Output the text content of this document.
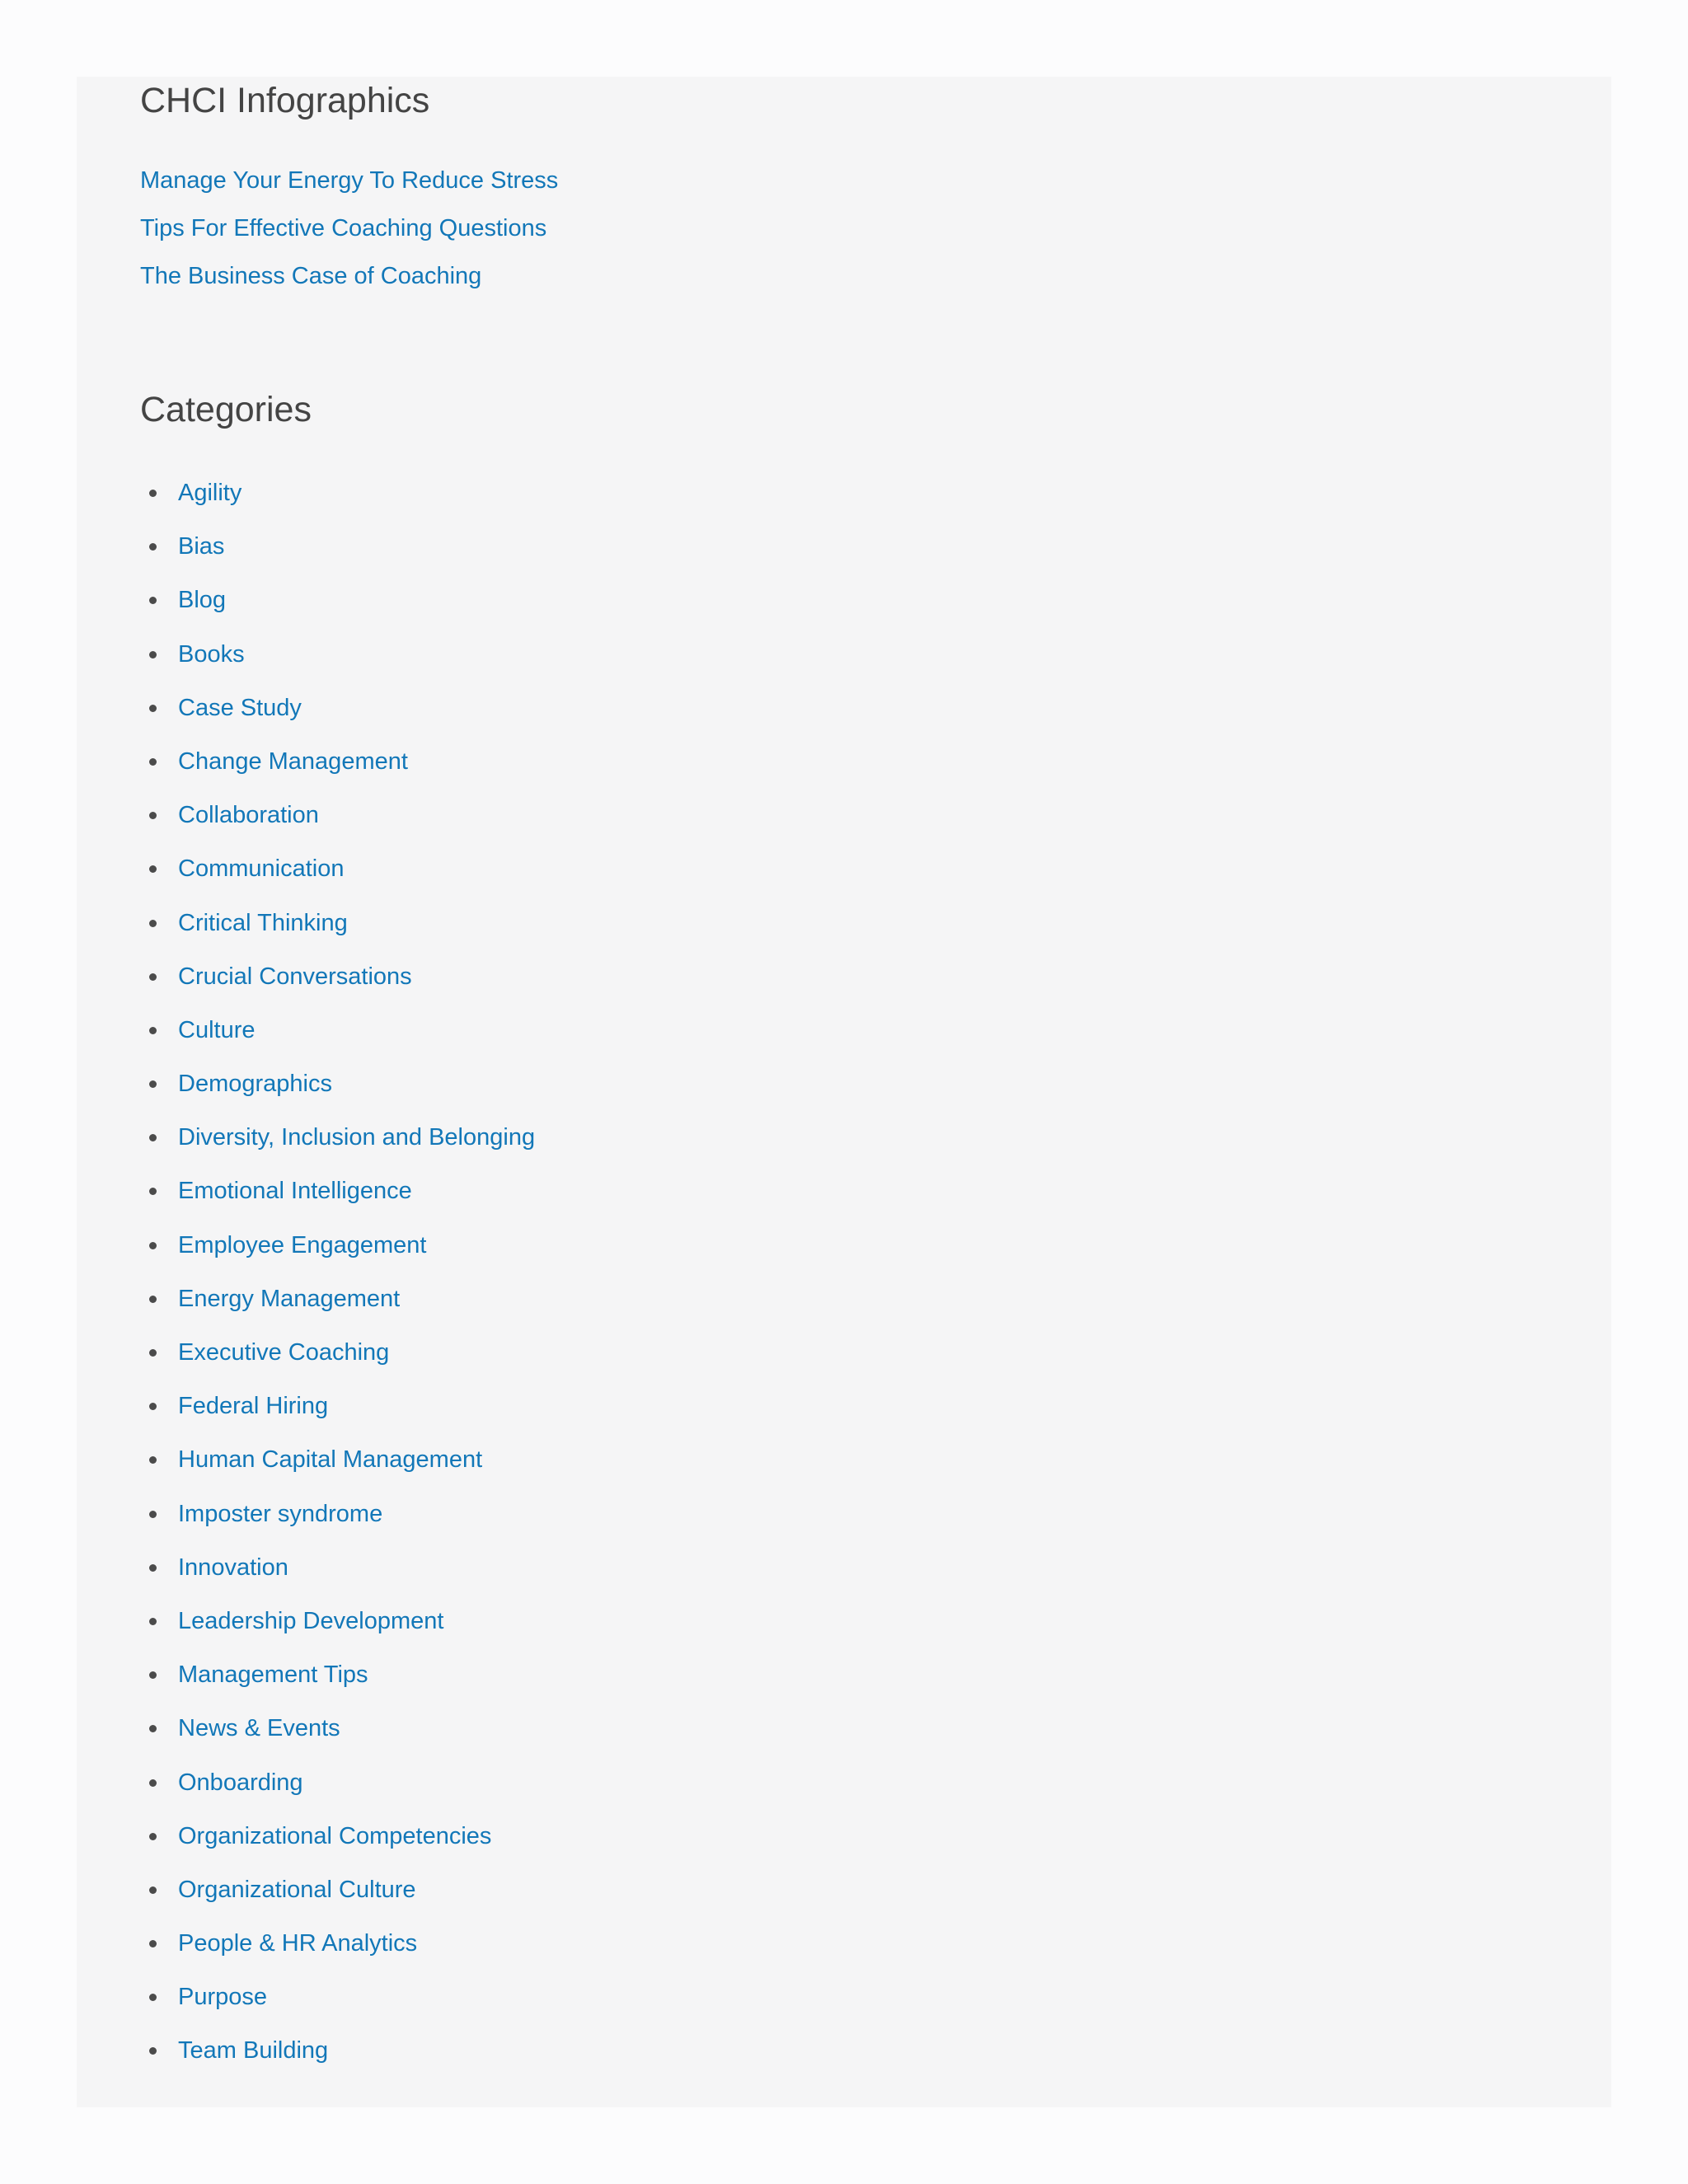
CHCI Infographics
Manage Your Energy To Reduce Stress
Tips For Effective Coaching Questions
The Business Case of Coaching
Categories
Agility
Bias
Blog
Books
Case Study
Change Management
Collaboration
Communication
Critical Thinking
Crucial Conversations
Culture
Demographics
Diversity, Inclusion and Belonging
Emotional Intelligence
Employee Engagement
Energy Management
Executive Coaching
Federal Hiring
Human Capital Management
Imposter syndrome
Innovation
Leadership Development
Management Tips
News & Events
Onboarding
Organizational Competencies
Organizational Culture
People & HR Analytics
Purpose
Team Building
